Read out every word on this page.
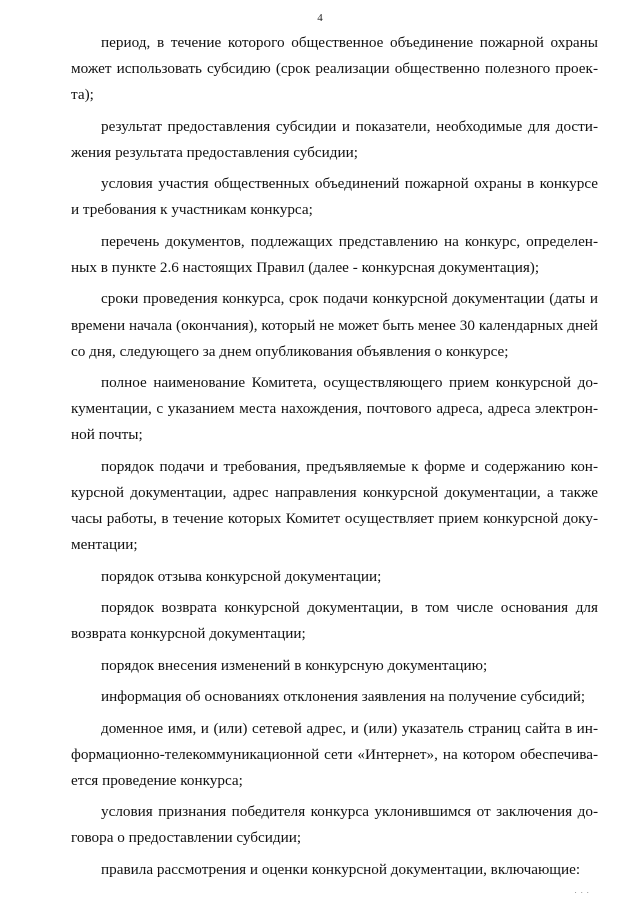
4

период, в течение которого общественное объединение пожарной охраны может использовать субсидию (срок реализации общественно полезного проекта);

результат предоставления субсидии и показатели, необходимые для достижения результата предоставления субсидии;

условия участия общественных объединений пожарной охраны в конкурсе и требования к участникам конкурса;

перечень документов, подлежащих представлению на конкурс, определенных в пункте 2.6 настоящих Правил (далее - конкурсная документация);

сроки проведения конкурса, срок подачи конкурсной документации (даты и времени начала (окончания), который не может быть менее 30 календарных дней со дня, следующего за днем опубликования объявления о конкурсе;

полное наименование Комитета, осуществляющего прием конкурсной документации, с указанием места нахождения, почтового адреса, адреса электронной почты;

порядок подачи и требования, предъявляемые к форме и содержанию конкурсной документации, адрес направления конкурсной документации, а также часы работы, в течение которых Комитет осуществляет прием конкурсной документации;

порядок отзыва конкурсной документации;

порядок возврата конкурсной документации, в том числе основания для возврата конкурсной документации;

порядок внесения изменений в конкурсную документацию;

информация об основаниях отклонения заявления на получение субсидий;

доменное имя, и (или) сетевой адрес, и (или) указатель страниц сайта в информационно-телекоммуникационной сети «Интернет», на котором обеспечивается проведение конкурса;

условия признания победителя конкурса уклонившимся от заключения договора о предоставлении субсидии;

правила рассмотрения и оценки конкурсной документации, включающие:

· · ·
